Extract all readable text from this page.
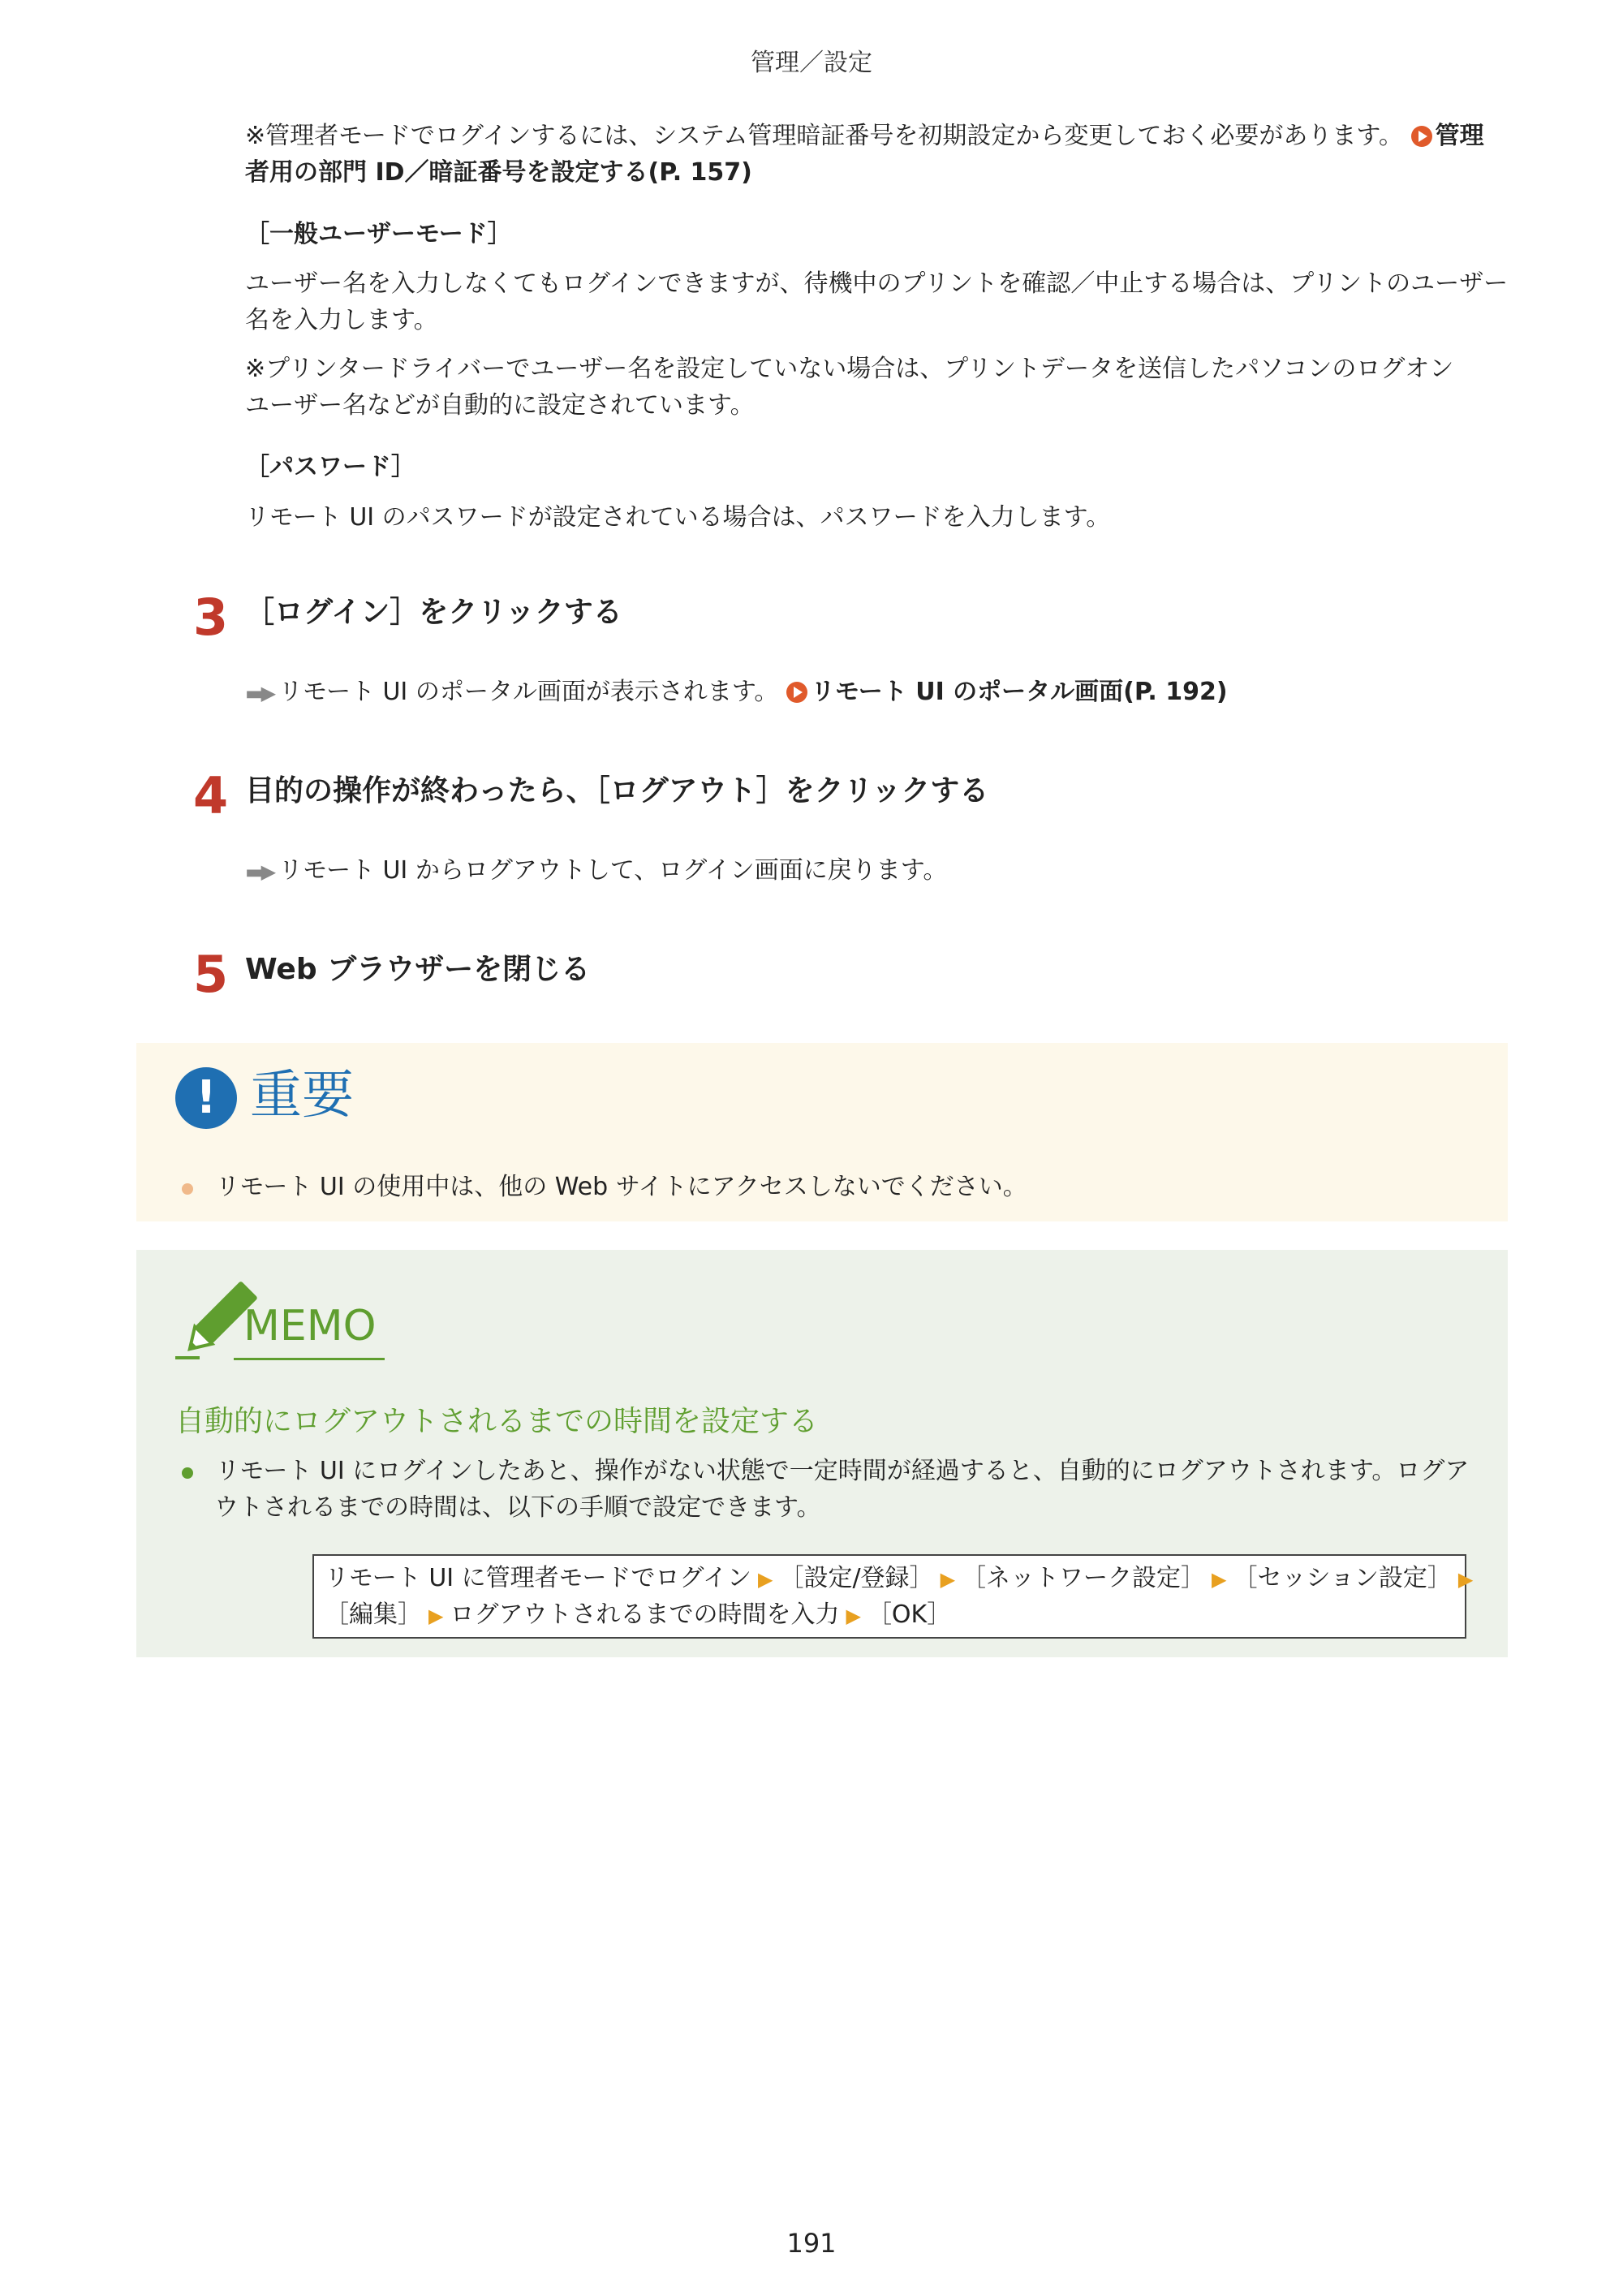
管理／設定
※管理者モードでログインするには、システム管理暗証番号を初期設定から変更しておく必要があります。 管理
者用の部門 ID／暗証番号を設定する(P. 157)
［一般ユーザーモード］
ユーザー名を入力しなくてもログインできますが、待機中のプリントを確認／中止する場合は、プリントのユーザー
名を入力します。
※プリンタードライバーでユーザー名を設定していない場合は、プリントデータを送信したパソコンのログオン
ユーザー名などが自動的に設定されています。
［パスワード］
リモート UI のパスワードが設定されている場合は、パスワードを入力します。
3 ［ログイン］をクリックする
▬▶ リモート UI のポータル画面が表示されます。 リモート UI のポータル画面(P. 192)
4 目的の操作が終わったら、［ログアウト］をクリックする
▬▶ リモート UI からログアウトして、ログイン画面に戻ります。
5 Web ブラウザーを閉じる
! 重要
リモート UI の使用中は、他の Web サイトにアクセスしないでください。
MEMO
自動的にログアウトされるまでの時間を設定する
リモート UI にログインしたあと、操作がない状態で一定時間が経過すると、自動的にログアウトされます。ログア
ウトされるまでの時間は、以下の手順で設定できます。
リモート UI に管理者モードでログイン ▶ ［設定/登録］ ▶ ［ネットワーク設定］ ▶ ［セッション設定］ ▶
［編集］ ▶ ログアウトされるまでの時間を入力 ▶ ［OK］
191
